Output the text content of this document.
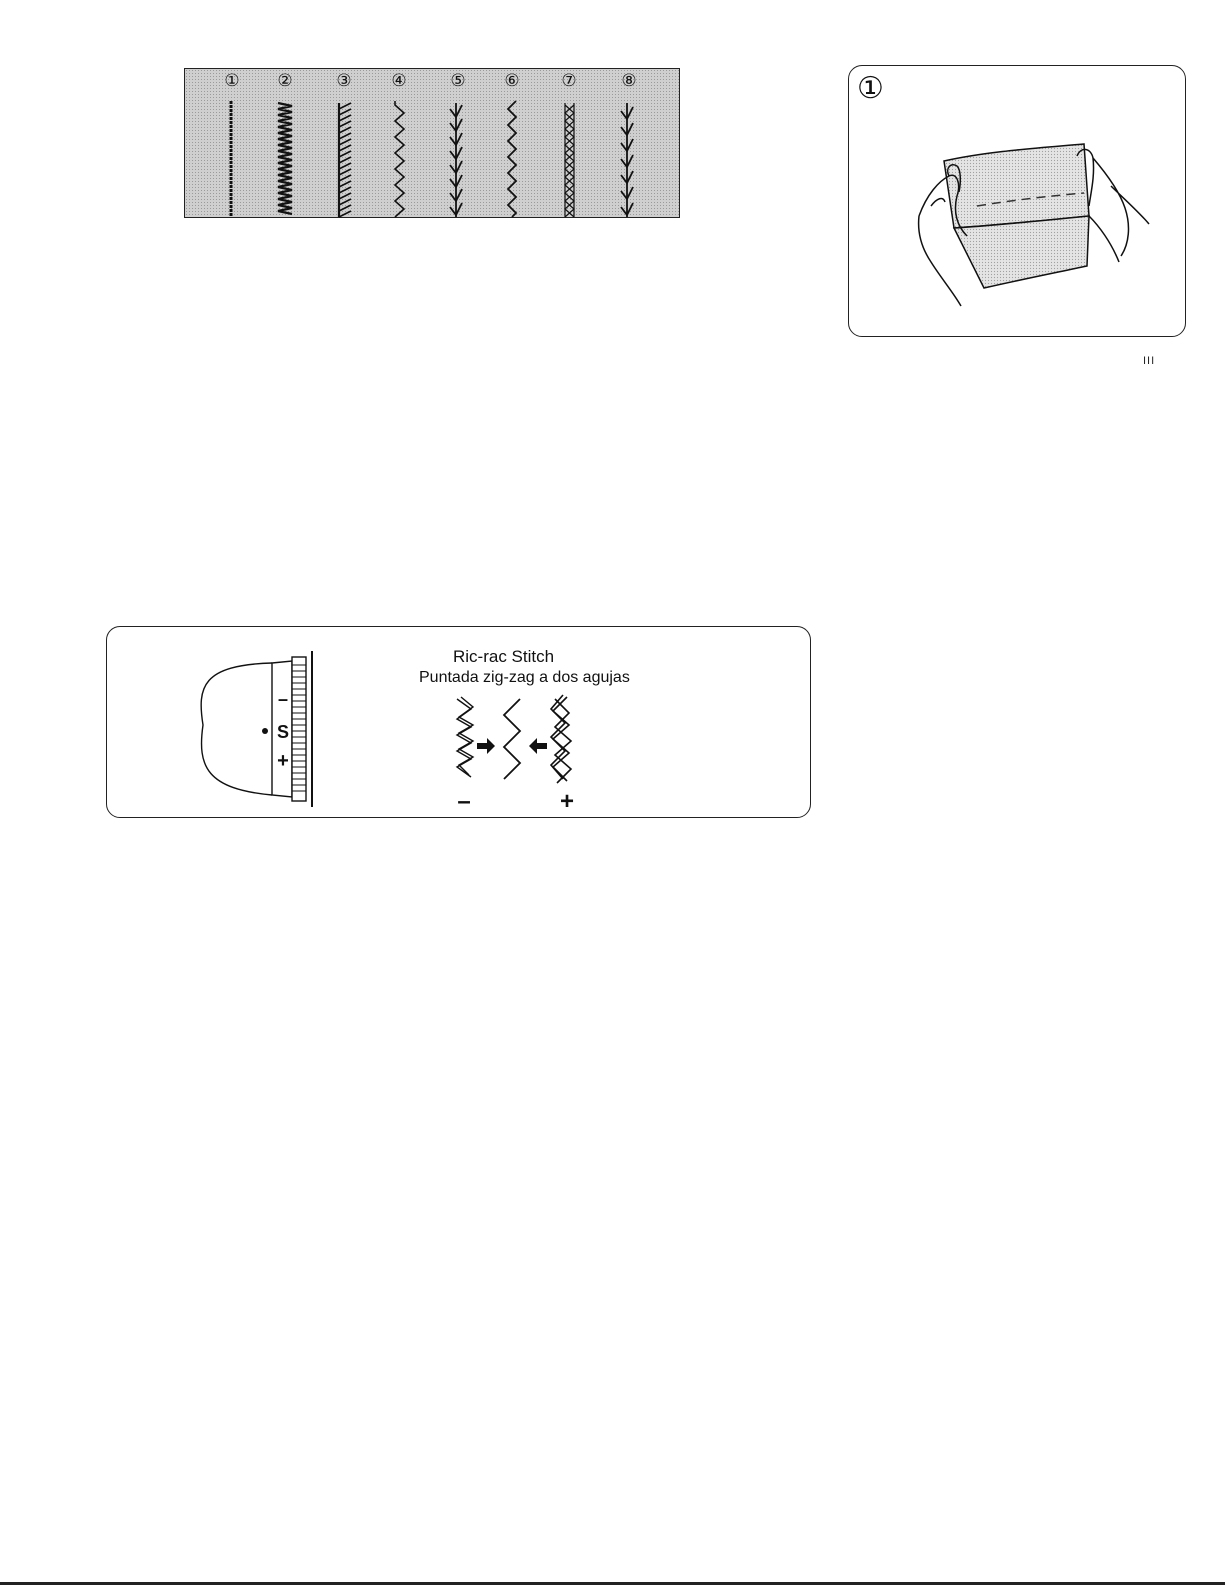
①	②	③	④	⑤	⑥	⑦	⑧	①
III
–
S
+
Ric-rac Stitch
Puntada zig-zag a dos agujas
–	+
